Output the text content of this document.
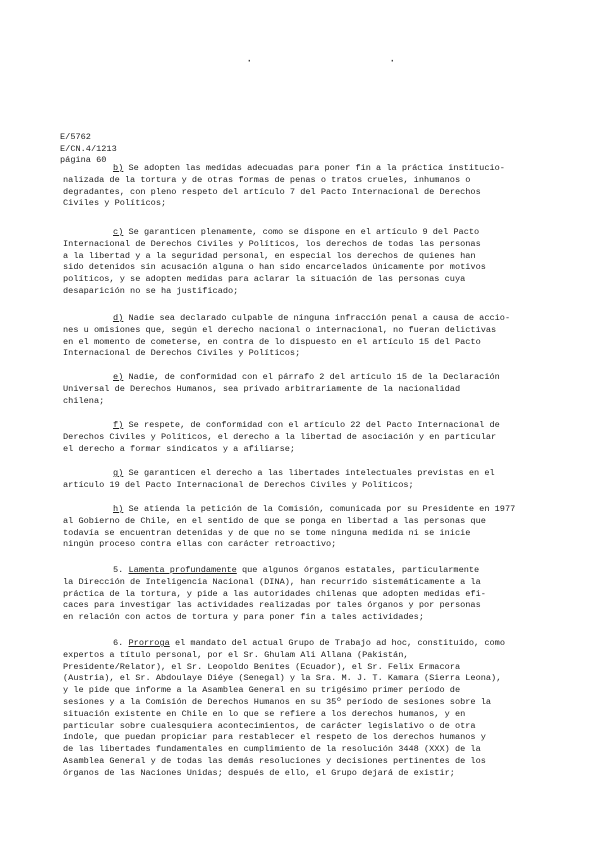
·	·
E/5762
E/CN.4/1213
página 60
b) Se adopten las medidas adecuadas para poner fin a la práctica institucio-
nalizada de la tortura y de otras formas de penas o tratos crueles, inhumanos o
degradantes, con pleno respeto del artículo 7 del Pacto Internacional de Derechos
Civiles y Políticos;
c) Se garanticen plenamente, como se dispone en el artículo 9 del Pacto
Internacional de Derechos Civiles y Políticos, los derechos de todas las personas
a la libertad y a la seguridad personal, en especial los derechos de quienes han
sido detenidos sin acusación alguna o han sido encarcelados únicamente por motivos
políticos, y se adopten medidas para aclarar la situación de las personas cuya
desaparición no se ha justificado;
d) Nadie sea declarado culpable de ninguna infracción penal a causa de accio-
nes u omisiones que, según el derecho nacional o internacional, no fueran delictivas
en el momento de cometerse, en contra de lo dispuesto en el artículo 15 del Pacto
Internacional de Derechos Civiles y Políticos;
e) Nadie, de conformidad con el párrafo 2 del artículo 15 de la Declaración
Universal de Derechos Humanos, sea privado arbitrariamente de la nacionalidad
chilena;
f) Se respete, de conformidad con el artículo 22 del Pacto Internacional de
Derechos Civiles y Políticos, el derecho a la libertad de asociación y en particular
el derecho a formar sindicatos y a afiliarse;
g) Se garanticen el derecho a las libertades intelectuales previstas en el
artículo 19 del Pacto Internacional de Derechos Civiles y Políticos;
h) Se atienda la petición de la Comisión, comunicada por su Presidente en 1977
al Gobierno de Chile, en el sentido de que se ponga en libertad a las personas que
todavía se encuentran detenidas y de que no se tome ninguna medida ni se inicie
ningún proceso contra ellas con carácter retroactivo;
5. Lamenta profundamente que algunos órganos estatales, particularmente
la Dirección de Inteligencia Nacional (DINA), han recurrido sistemáticamente a la
práctica de la tortura, y pide a las autoridades chilenas que adopten medidas efi-
caces para investigar las actividades realizadas por tales órganos y por personas
en relación con actos de tortura y para poner fin a tales actividades;
6. Prorroga el mandato del actual Grupo de Trabajo ad hoc, constituido, como
expertos a título personal, por el Sr. Ghulam Ali Allana (Pakistán,
Presidente/Relator), el Sr. Leopoldo Benites (Ecuador), el Sr. Felix Ermacora
(Austria), el Sr. Abdoulaye Diéye (Senegal) y la Sra. M. J. T. Kamara (Sierra Leona),
y le pide que informe a la Asamblea General en su trigésimo primer período de
sesiones y a la Comisión de Derechos Humanos en su 35º período de sesiones sobre la
situación existente en Chile en lo que se refiere a los derechos humanos, y en
particular sobre cualesquiera acontecimientos, de carácter legislativo o de otra
índole, que puedan propiciar para restablecer el respeto de los derechos humanos y
de las libertades fundamentales en cumplimiento de la resolución 3448 (XXX) de la
Asamblea General y de todas las demás resoluciones y decisiones pertinentes de los
órganos de las Naciones Unidas; después de ello, el Grupo dejará de existir;
